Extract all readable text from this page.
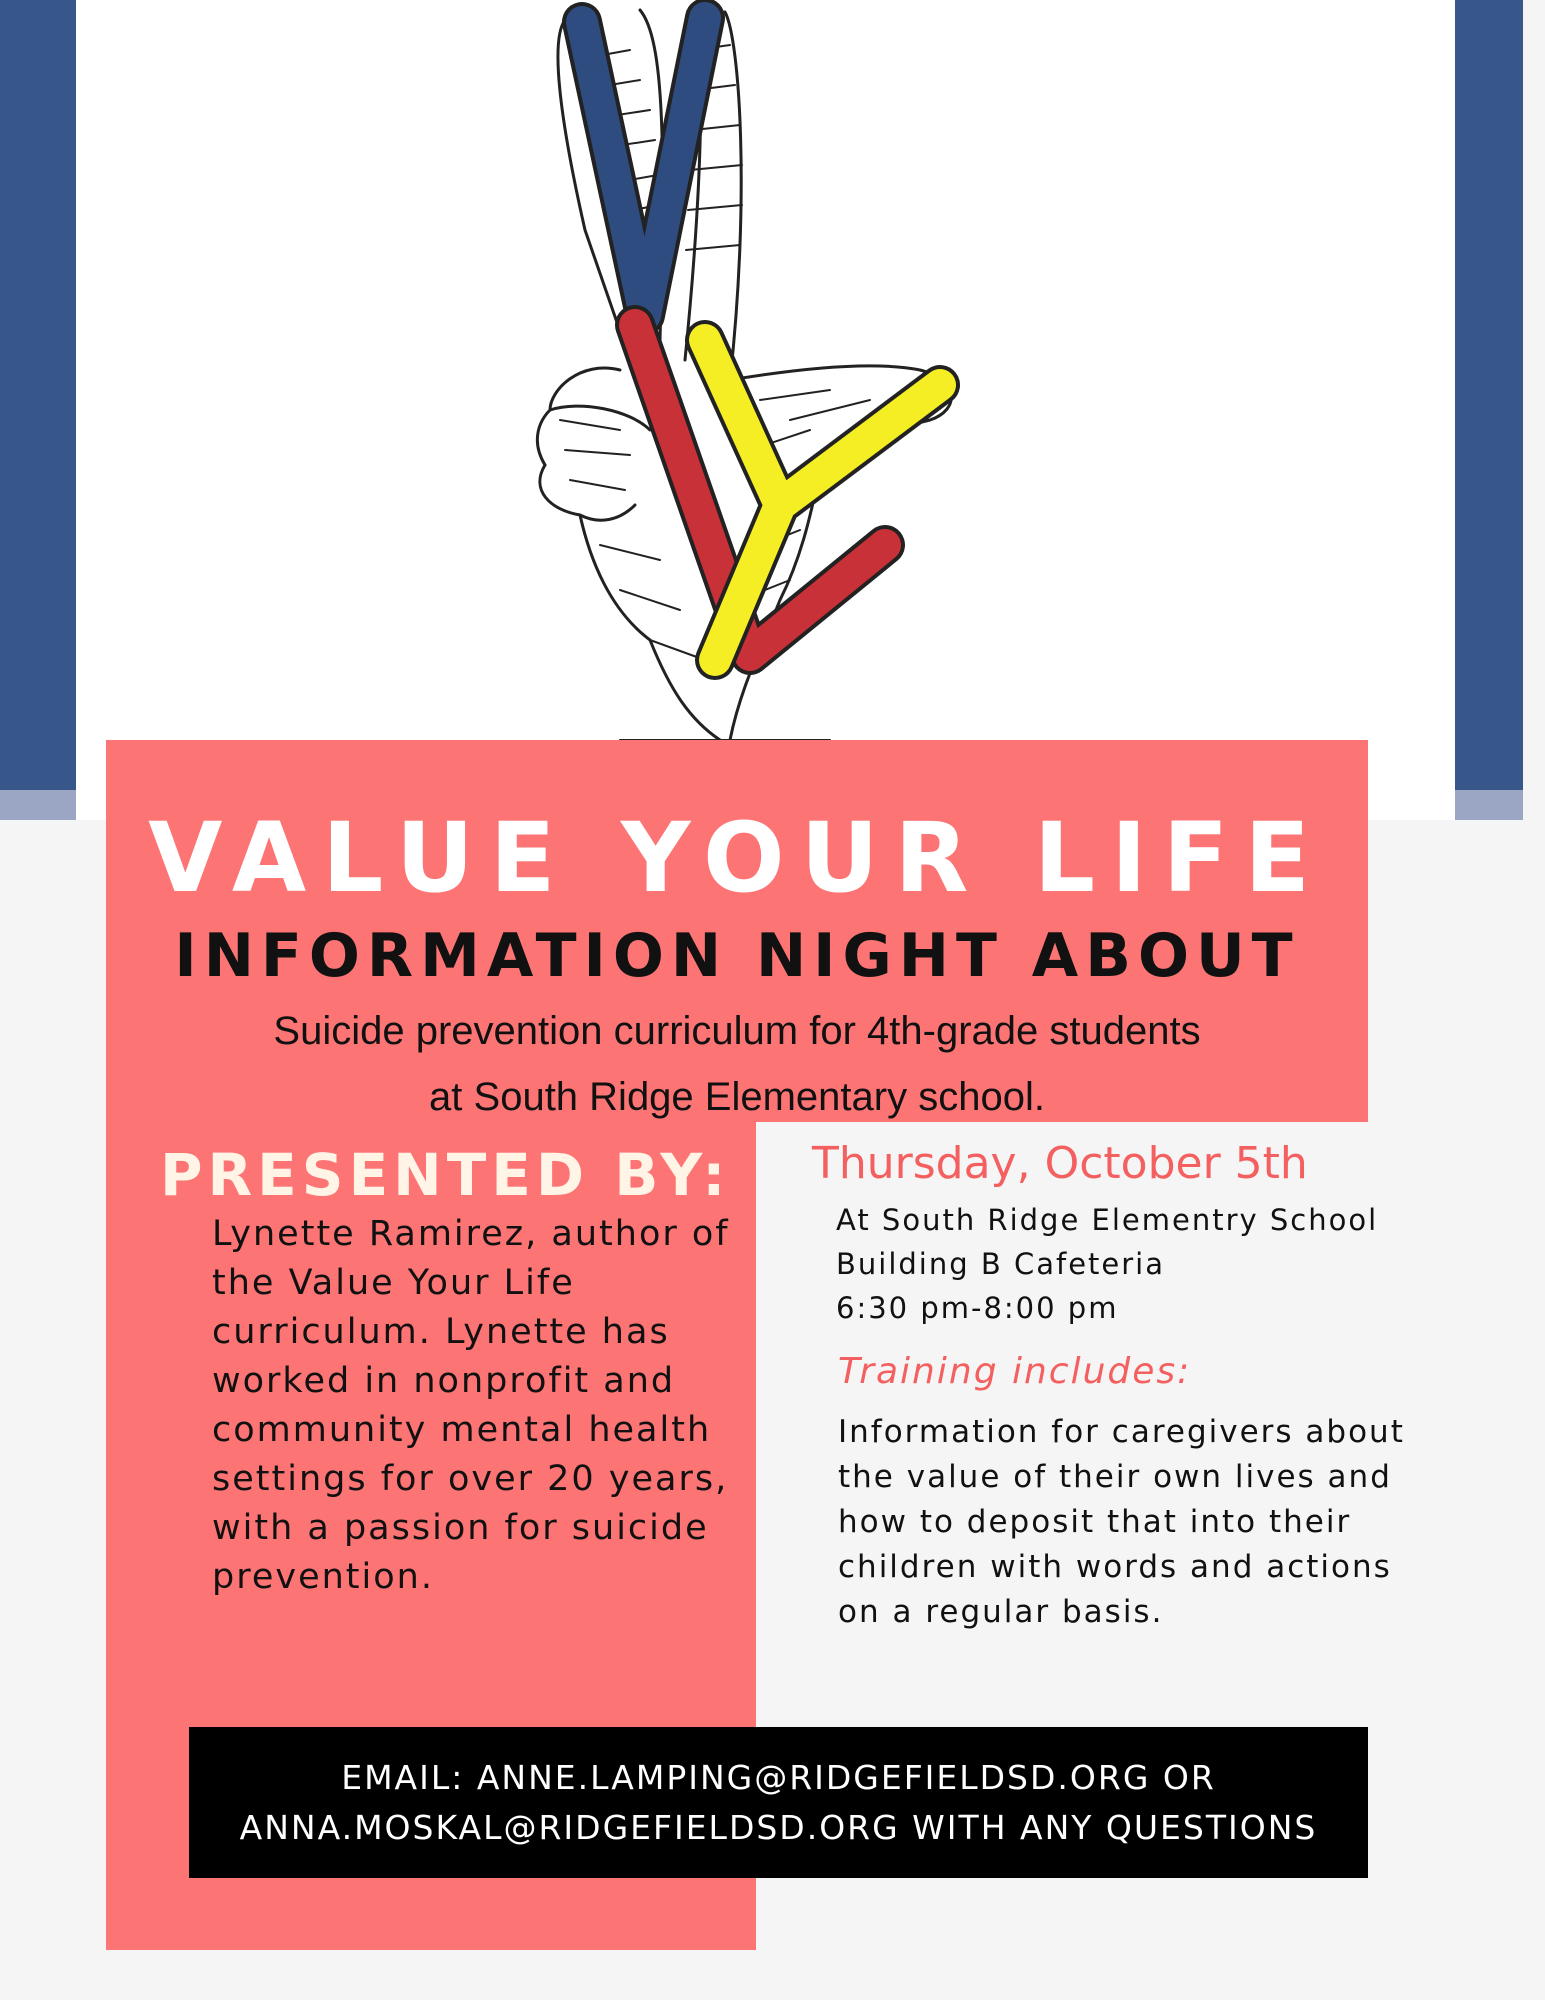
VALUE YOUR LIFE
INFORMATION NIGHT ABOUT
Suicide prevention curriculum for 4th-grade students
at South Ridge Elementary school.
PRESENTED BY:
Lynette Ramirez, author of the Value Your Life curriculum. Lynette has worked in nonprofit and community mental health settings for over 20 years, with a passion for suicide prevention.
Thursday, October 5th
At South Ridge Elementry School
Building B Cafeteria
6:30 pm-8:00 pm
Training includes:
Information for caregivers about the value of their own lives and how to deposit that into their children with words and actions on a regular basis.
EMAIL: ANNE.LAMPING@RIDGEFIELDSD.ORG OR
ANNA.MOSKAL@RIDGEFIELDSD.ORG WITH ANY QUESTIONS
